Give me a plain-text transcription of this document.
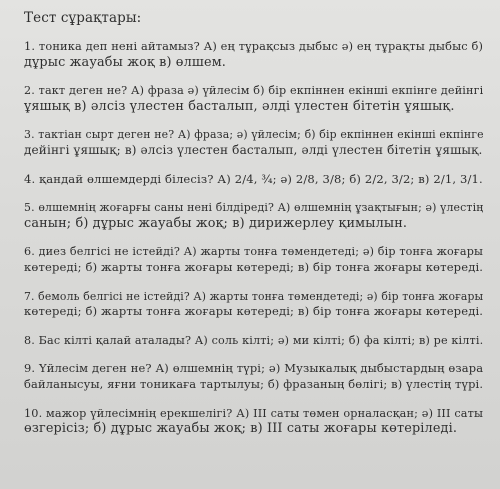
Тест сұрақтары:
1. тоника деп нені айтамыз? А) ең тұрақсыз дыбыс ә) ең тұрақты дыбыс б)
дұрыс жауабы жоқ в) өлшем.
2. такт деген не? А) фраза ә) үйлесім б) бір екпіннен екінші екпінге дейінгі
ұяшық в) әлсіз үлестен басталып, әлді үлестен бітетін ұяшық.
3. тактіан сырт деген не? А) фраза; ә) үйлесім; б) бір екпіннен екінші екпінге
дейінгі ұяшық; в) әлсіз үлестен басталып, әлді үлестен бітетін ұяшық.
4. қандай өлшемдерді білесіз? А) 2/4, ¾; ә) 2/8, 3/8; б) 2/2, 3/2; в) 2/1, 3/1.
5. өлшемнің жоғарғы саны нені білдіреді? А) өлшемнің ұзақтығын; ә) үлестің
санын; б) дұрыс жауабы жоқ; в) дирижерлеу қимылын.
6. диез белгісі не істейді? А) жарты тонға төмендетеді; ә) бір тонға жоғары
көтереді; б) жарты тонға жоғары көтереді; в) бір тонға жоғары көтереді.
7. бемоль белгісі не істейді? А) жарты тонға төмендетеді; ә) бір тонға жоғары
көтереді; б) жарты тонға жоғары көтереді; в) бір тонға жоғары көтереді.
8. Бас кілті қалай аталады? А) соль кілті; ә) ми кілті; б) фа кілті; в) ре кілті.
9. Үйлесім деген не? А) өлшемнің түрі; ә) Музыкалық дыбыстардың өзара
байланысуы, яғни тоникаға тартылуы; б) фразаның бөлігі; в) үлестің түрі.
10. мажор үйлесімнің ерекшелігі? А) III саты төмен орналасқан; ә) III саты
өзгерісіз; б) дұрыс жауабы жоқ; в) III саты жоғары көтеріледі.
